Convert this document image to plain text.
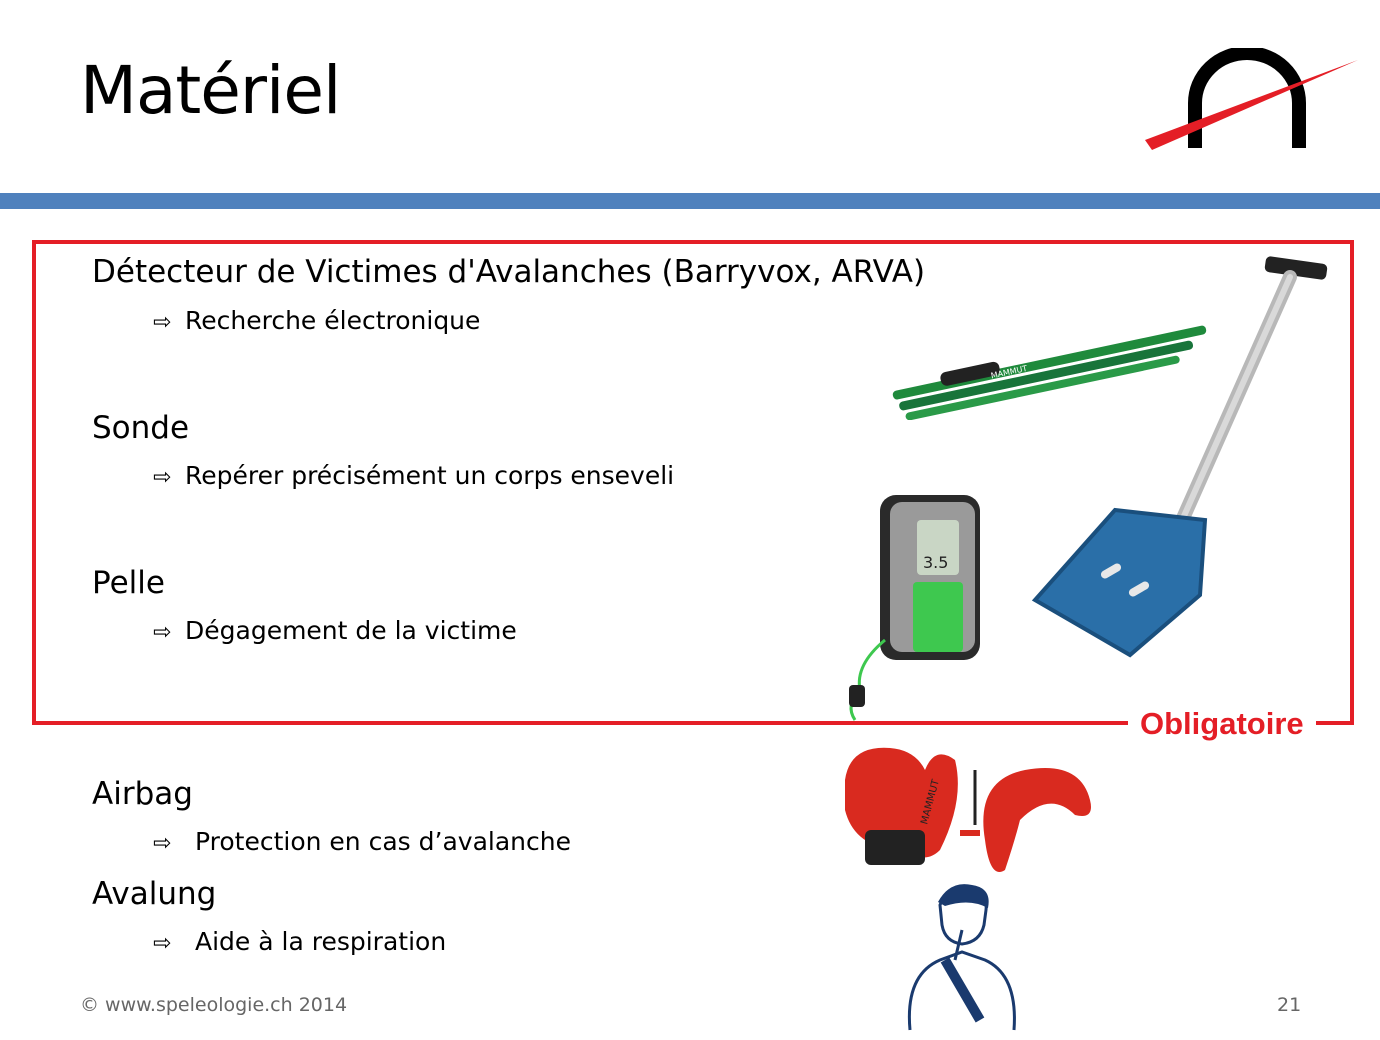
Matériel
Obligatoire
Détecteur de Victimes d'Avalanches (Barryvox, ARVA)
⇨ Recherche électronique
Sonde
⇨ Repérer précisément un corps enseveli
Pelle
⇨ Dégagement de la victime
Airbag
⇨ Protection en cas d’avalanche
Avalung
⇨ Aide à la respiration
MAMMUT
3.5
MAMMUT
© www.speleologie.ch 2014	21
